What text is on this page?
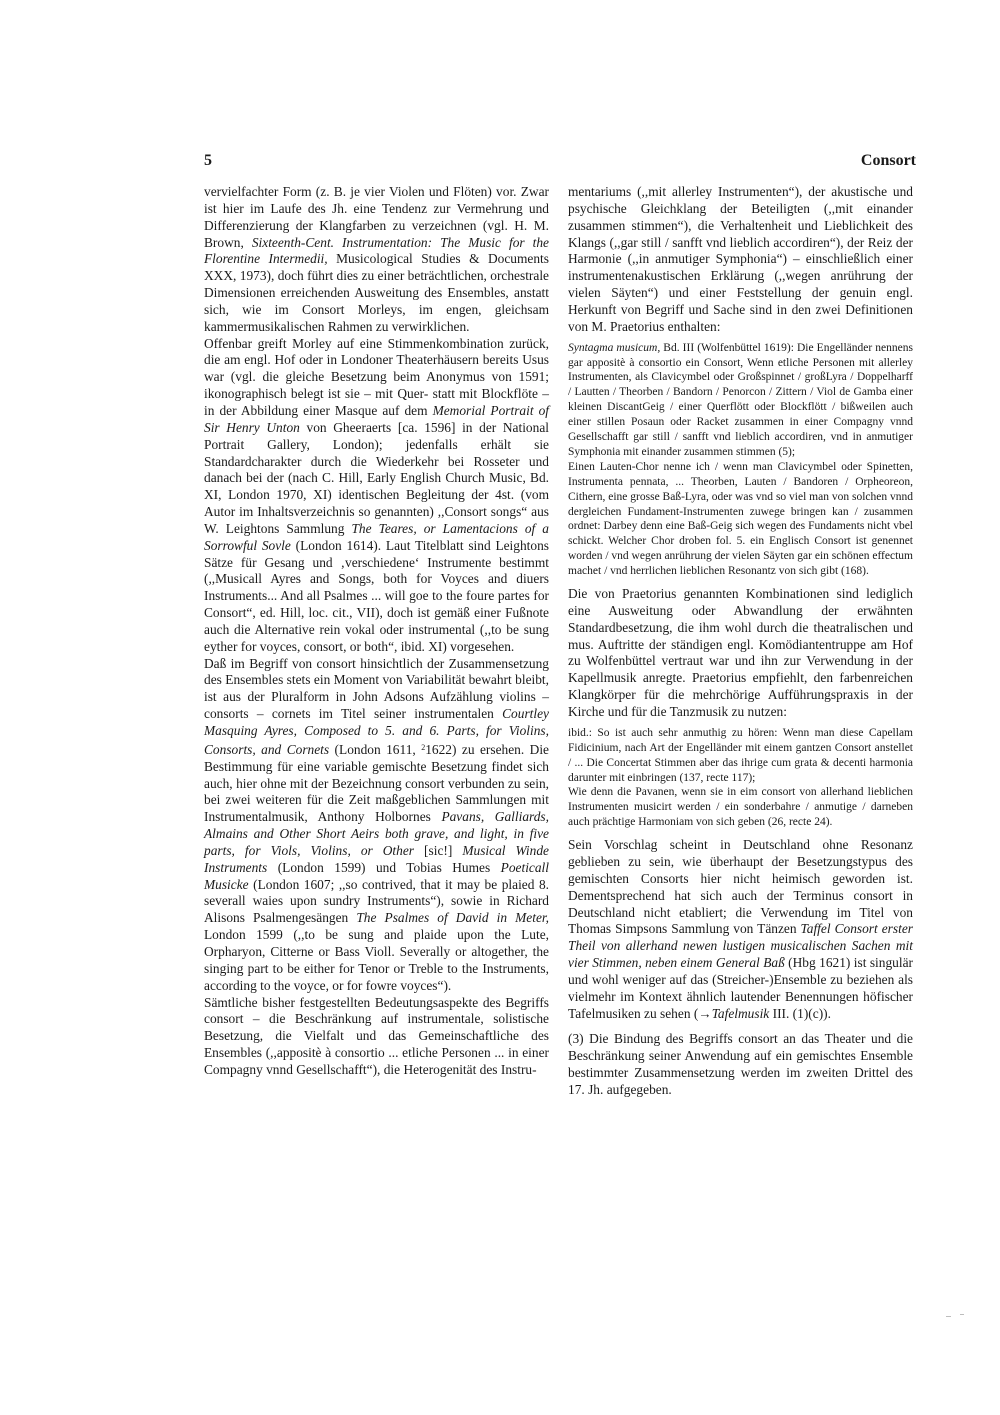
5	Consort

vervielfachter Form (z. B. je vier Violen und Flöten) vor. Zwar ist hier im Laufe des Jh. eine Tendenz zur Vermehrung und Differenzierung der Klangfarben zu verzeichnen (vgl. H. M. Brown, Sixteenth-Cent. Instrumentation: The Music for the Florentine Intermedii, Musicological Studies & Documents XXX, 1973), doch führt dies zu einer beträchtlichen, orchestrale Dimensionen erreichenden Ausweitung des Ensembles, anstatt sich, wie im Consort Morleys, im engen, gleichsam kammermusikalischen Rahmen zu verwirklichen.

Offenbar greift Morley auf eine Stimmenkombination zurück, die am engl. Hof oder in Londoner Theaterhäusern bereits Usus war (vgl. die gleiche Besetzung beim Anonymus von 1591; ikonographisch belegt ist sie – mit Quer- statt mit Blockflöte – in der Abbildung einer Masque auf dem Memorial Portrait of Sir Henry Unton von Gheeraerts [ca. 1596] in der National Portrait Gallery, London); jedenfalls erhält sie Standardcharakter durch die Wiederkehr bei Rosseter und danach bei der (nach C. Hill, Early English Church Music, Bd. XI, London 1970, XI) identischen Begleitung der 4st. (vom Autor im Inhaltsverzeichnis so genannten) ,,Consort songs“ aus W. Leightons Sammlung The Teares, or Lamentacions of a Sorrowful Sovle (London 1614). Laut Titelblatt sind Leightons Sätze für Gesang und ‚verschiedene‘ Instrumente bestimmt (,,Musicall Ayres and Songs, both for Voyces and diuers Instruments... And all Psalmes ... will goe to the foure partes for Consort“, ed. Hill, loc. cit., VII), doch ist gemäß einer Fußnote auch die Alternative rein vokal oder instrumental (,,to be sung eyther for voyces, consort, or both“, ibid. XI) vorgesehen.

Daß im Begriff von consort hinsichtlich der Zusammensetzung des Ensembles stets ein Moment von Variabilität bewahrt bleibt, ist aus der Pluralform in John Adsons Aufzählung violins – consorts – cornets im Titel seiner instrumentalen Courtley Masquing Ayres, Composed to 5. and 6. Parts, for Violins, Consorts, and Cornets (London 1611, $^2$1622) zu ersehen. Die Bestimmung für eine variable gemischte Besetzung findet sich auch, hier ohne mit der Bezeichnung consort verbunden zu sein, bei zwei weiteren für die Zeit maßgeblichen Sammlungen mit Instrumentalmusik, Anthony Holbornes Pavans, Galliards, Almains and Other Short Aeirs both grave, and light, in five parts, for Viols, Violins, or Other [sic!] Musical Winde Instruments (London 1599) und Tobias Humes Poeticall Musicke (London 1607; ,,so contrived, that it may be plaied 8. severall waies upon sundry Instruments“), sowie in Richard Alisons Psalmengesängen The Psalmes of David in Meter, London 1599 (,,to be sung and plaide upon the Lute, Orpharyon, Citterne or Bass Violl. Severally or altogether, the singing part to be either for Tenor or Treble to the Instruments, according to the voyce, or for fowre voyces“).

Sämtliche bisher festgestellten Bedeutungsaspekte des Begriffs consort – die Beschränkung auf instrumentale, solistische Besetzung, die Vielfalt und das Gemeinschaftliche des Ensembles (,,appositè à consortio ... etliche Personen ... in einer Compagny vnnd Gesellschafft“), die Heterogenität des Instru-

mentariums (,,mit allerley Instrumenten“), der akustische und psychische Gleichklang der Beteiligten (,,mit einander zusammen stimmen“), die Verhaltenheit und Lieblichkeit des Klangs (,,gar still / sanfft vnd lieblich accordiren“), der Reiz der Harmonie (,,in anmutiger Symphonia“) – einschließlich einer instrumentenakustischen Erklärung (,,wegen anrührung der vielen Säyten“) und einer Feststellung der genuin engl. Herkunft von Begriff und Sache sind in den zwei Definitionen von M. Praetorius enthalten:

Syntagma musicum, Bd. III (Wolfenbüttel 1619): Die Engelländer nennens gar appositè à consortio ein Consort, Wenn etliche Personen mit allerley Instrumenten, als Clavicymbel oder Großspinnet / großLyra / Doppelharff / Lautten / Theorben / Bandorn / Penorcon / Zittern / Viol de Gamba einer kleinen DiscantGeig / einer Querflött oder Blockflött / bißweilen auch einer stillen Posaun oder Racket zusammen in einer Compagny vnnd Gesellschafft gar still / sanfft vnd lieblich accordiren, vnd in anmutiger Symphonia mit einander zusammen stimmen (5);

Einen Lauten-Chor nenne ich / wenn man Clavicymbel oder Spinetten, Instrumenta pennata, ... Theorben, Lauten / Bandoren / Orpheoreon, Cithern, eine grosse Baß-Lyra, oder was vnd so viel man von solchen vnnd dergleichen Fundament-Instrumenten zuwege bringen kan / zusammen ordnet: Darbey denn eine Baß-Geig sich wegen des Fundaments nicht vbel schickt. Welcher Chor droben fol. 5. ein Englisch Consort ist genennet worden / vnd wegen anrührung der vielen Säyten gar ein schönen effectum machet / vnd herrlichen lieblichen Resonantz von sich gibt (168).

Die von Praetorius genannten Kombinationen sind lediglich eine Ausweitung oder Abwandlung der erwähnten Standardbesetzung, die ihm wohl durch die theatralischen und mus. Auftritte der ständigen engl. Komödiantentruppe am Hof zu Wolfenbüttel vertraut war und ihn zur Verwendung in der Kapellmusik anregte. Praetorius empfiehlt, den farbenreichen Klangkörper für die mehrchörige Aufführungspraxis in der Kirche und für die Tanzmusik zu nutzen:

ibid.: So ist auch sehr anmuthig zu hören: Wenn man diese Capellam Fidicinium, nach Art der Engelländer mit einem gantzen Consort anstellet / ... Die Concertat Stimmen aber das ihrige cum grata & decenti harmonia darunter mit einbringen (137, recte 117);

Wie denn die Pavanen, wenn sie in eim consort von allerhand lieblichen Instrumenten musicirt werden / ein sonderbahre / anmutige / darneben auch prächtige Harmoniam von sich geben (26, recte 24).

Sein Vorschlag scheint in Deutschland ohne Resonanz geblieben zu sein, wie überhaupt der Besetzungstypus des gemischten Consorts hier nicht heimisch geworden ist. Dementsprechend hat sich auch der Terminus consort in Deutschland nicht etabliert; die Verwendung im Titel von Thomas Simpsons Sammlung von Tänzen Taffel Consort erster Theil von allerhand newen lustigen musicalischen Sachen mit vier Stimmen, neben einem General Baß (Hbg 1621) ist singulär und wohl weniger auf das (Streicher-)Ensemble zu beziehen als vielmehr im Kontext ähnlich lautender Benennungen höfischer Tafelmusiken zu sehen (→Tafelmusik III. (1)(c)).

(3) Die Bindung des Begriffs consort an das Theater und die Beschränkung seiner Anwendung auf ein gemischtes Ensemble bestimmter Zusammensetzung werden im zweiten Drittel des 17. Jh. aufgegeben.
